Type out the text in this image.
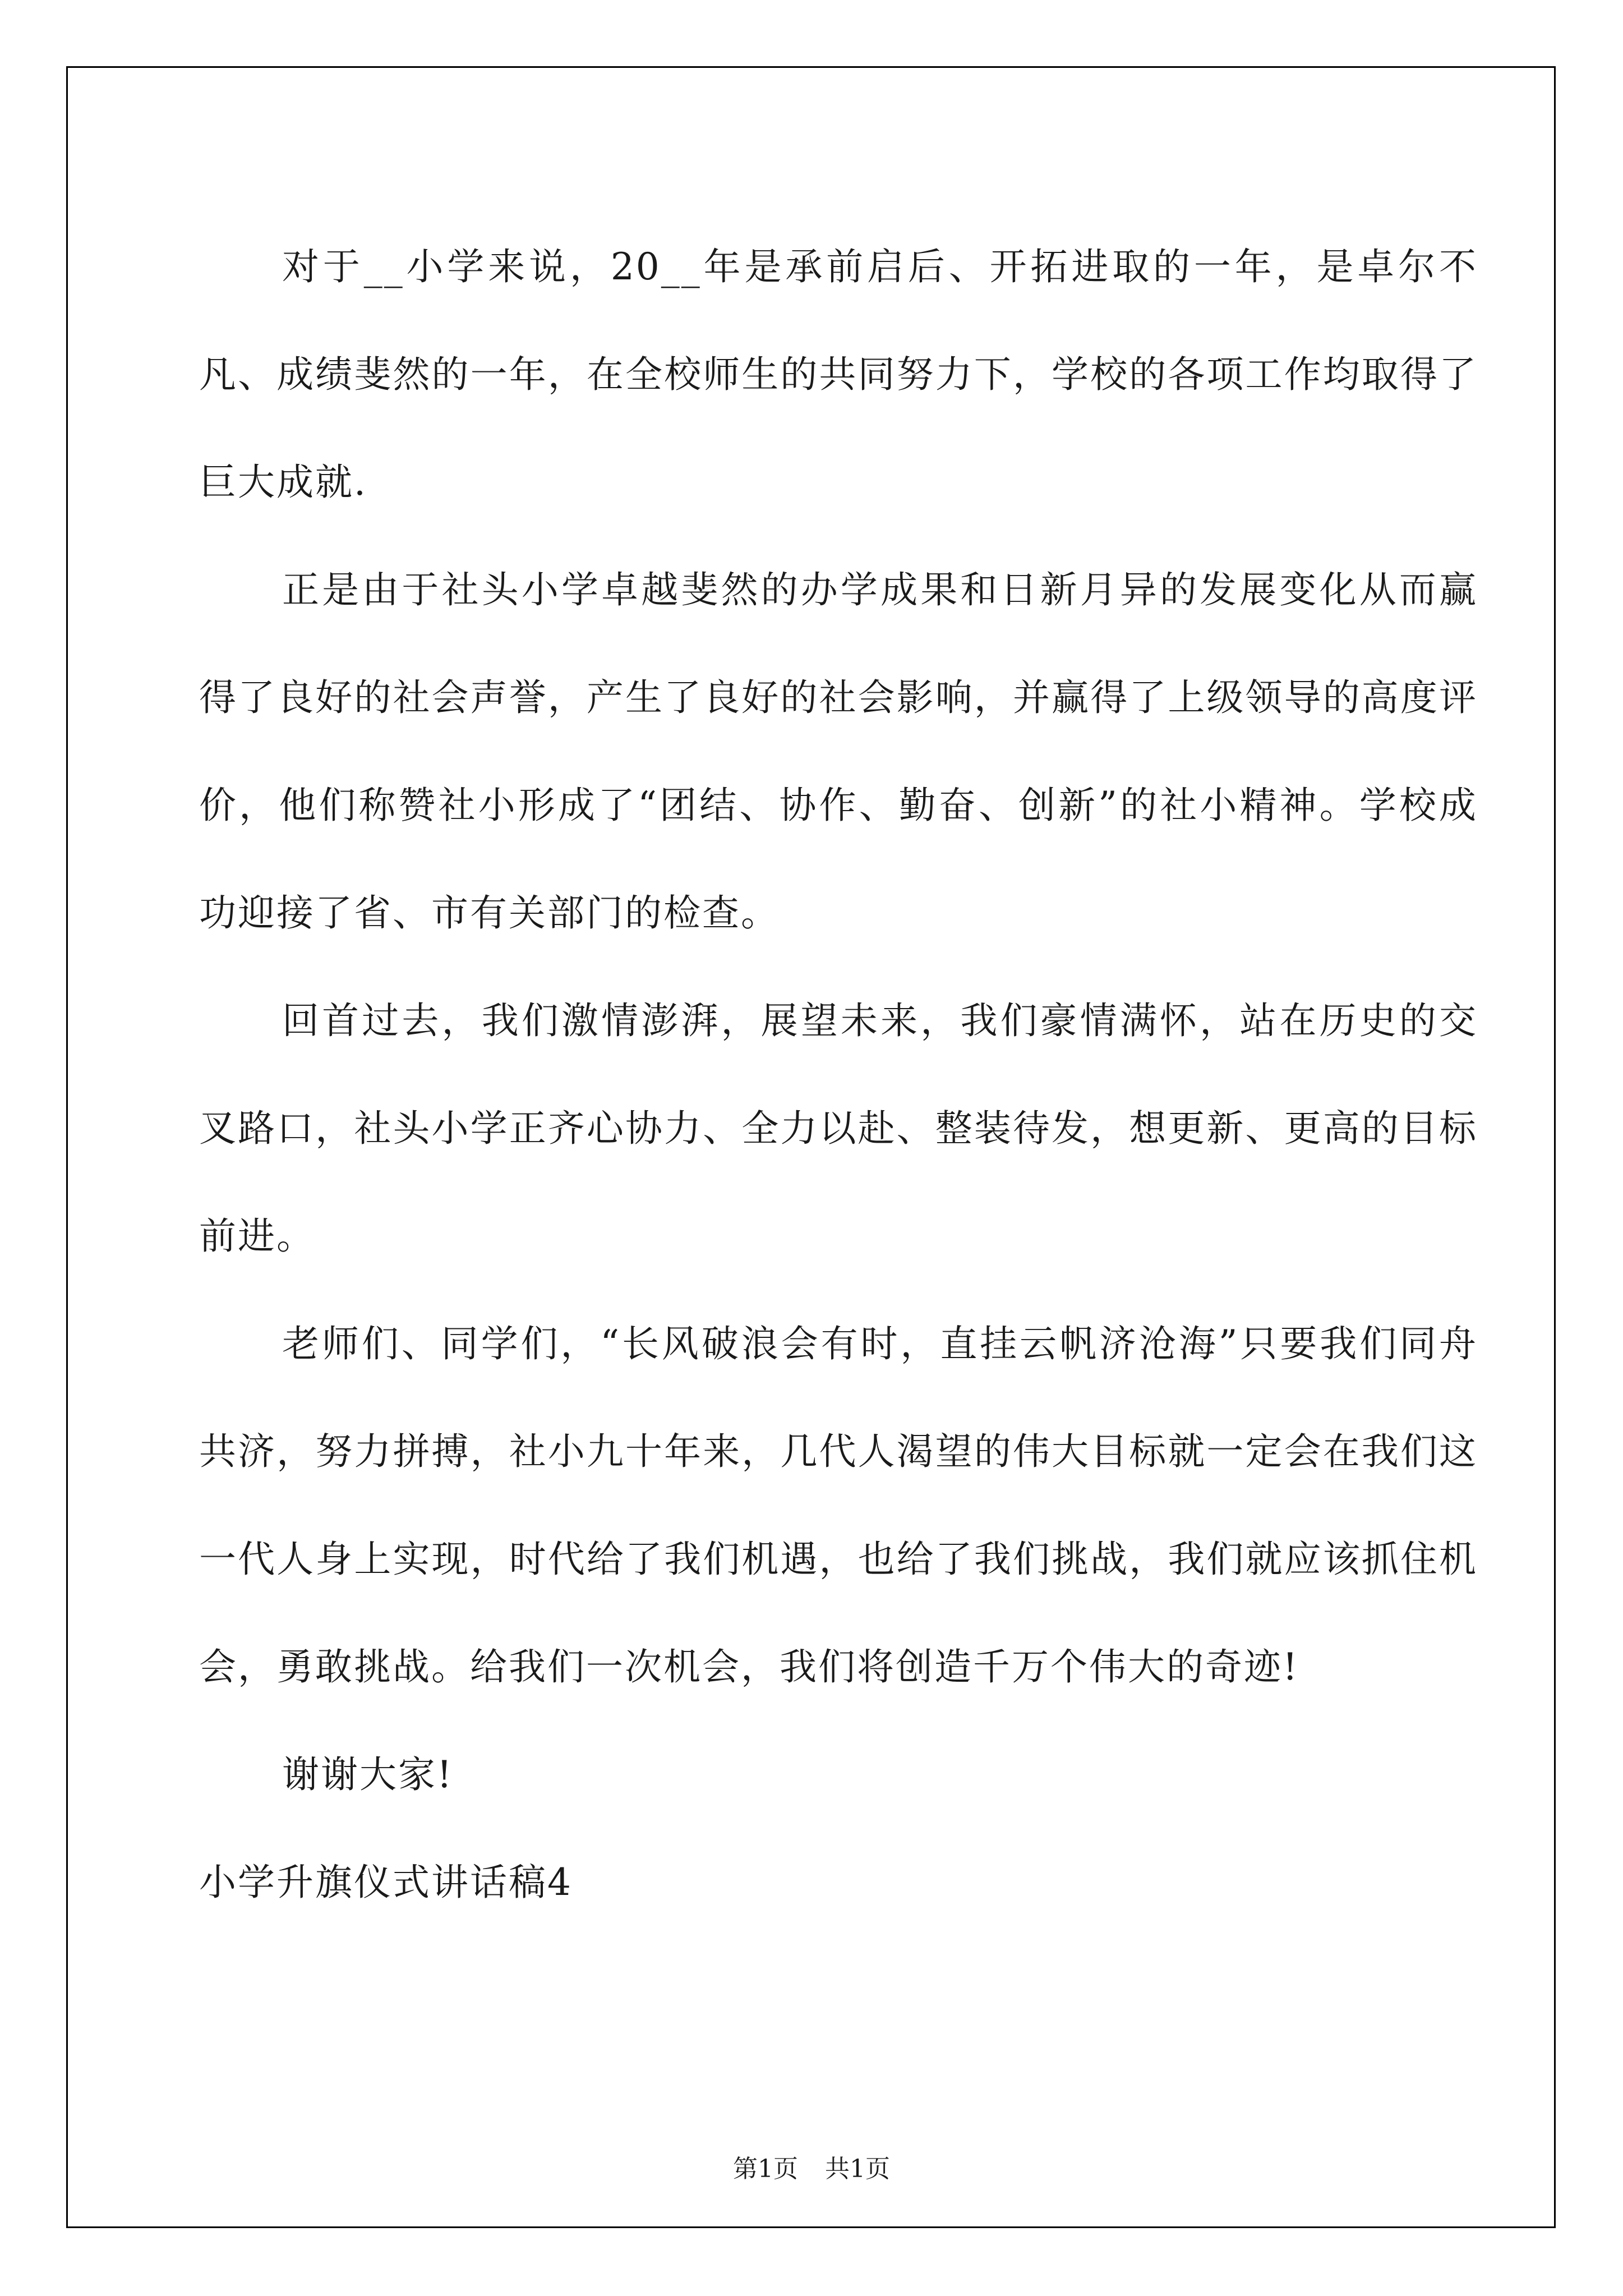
对于__小学来说，20__年是承前启后、开拓进取的一年，是卓尔不凡、成绩斐然的一年，在全校师生的共同努力下，学校的各项工作均取得了巨大成就.

正是由于社头小学卓越斐然的办学成果和日新月异的发展变化从而赢得了良好的社会声誉，产生了良好的社会影响，并赢得了上级领导的高度评价，他们称赞社小形成了“团结、协作、勤奋、创新”的社小精神。学校成功迎接了省、市有关部门的检查。

回首过去，我们激情澎湃，展望未来，我们豪情满怀，站在历史的交叉路口，社头小学正齐心协力、全力以赴、整装待发，想更新、更高的目标前进。

老师们、同学们，“长风破浪会有时，直挂云帆济沧海”只要我们同舟共济，努力拼搏，社小九十年来，几代人渴望的伟大目标就一定会在我们这一代人身上实现，时代给了我们机遇，也给了我们挑战，我们就应该抓住机会，勇敢挑战。给我们一次机会，我们将创造千万个伟大的奇迹!

谢谢大家!

小学升旗仪式讲话稿4

第1页 共1页
